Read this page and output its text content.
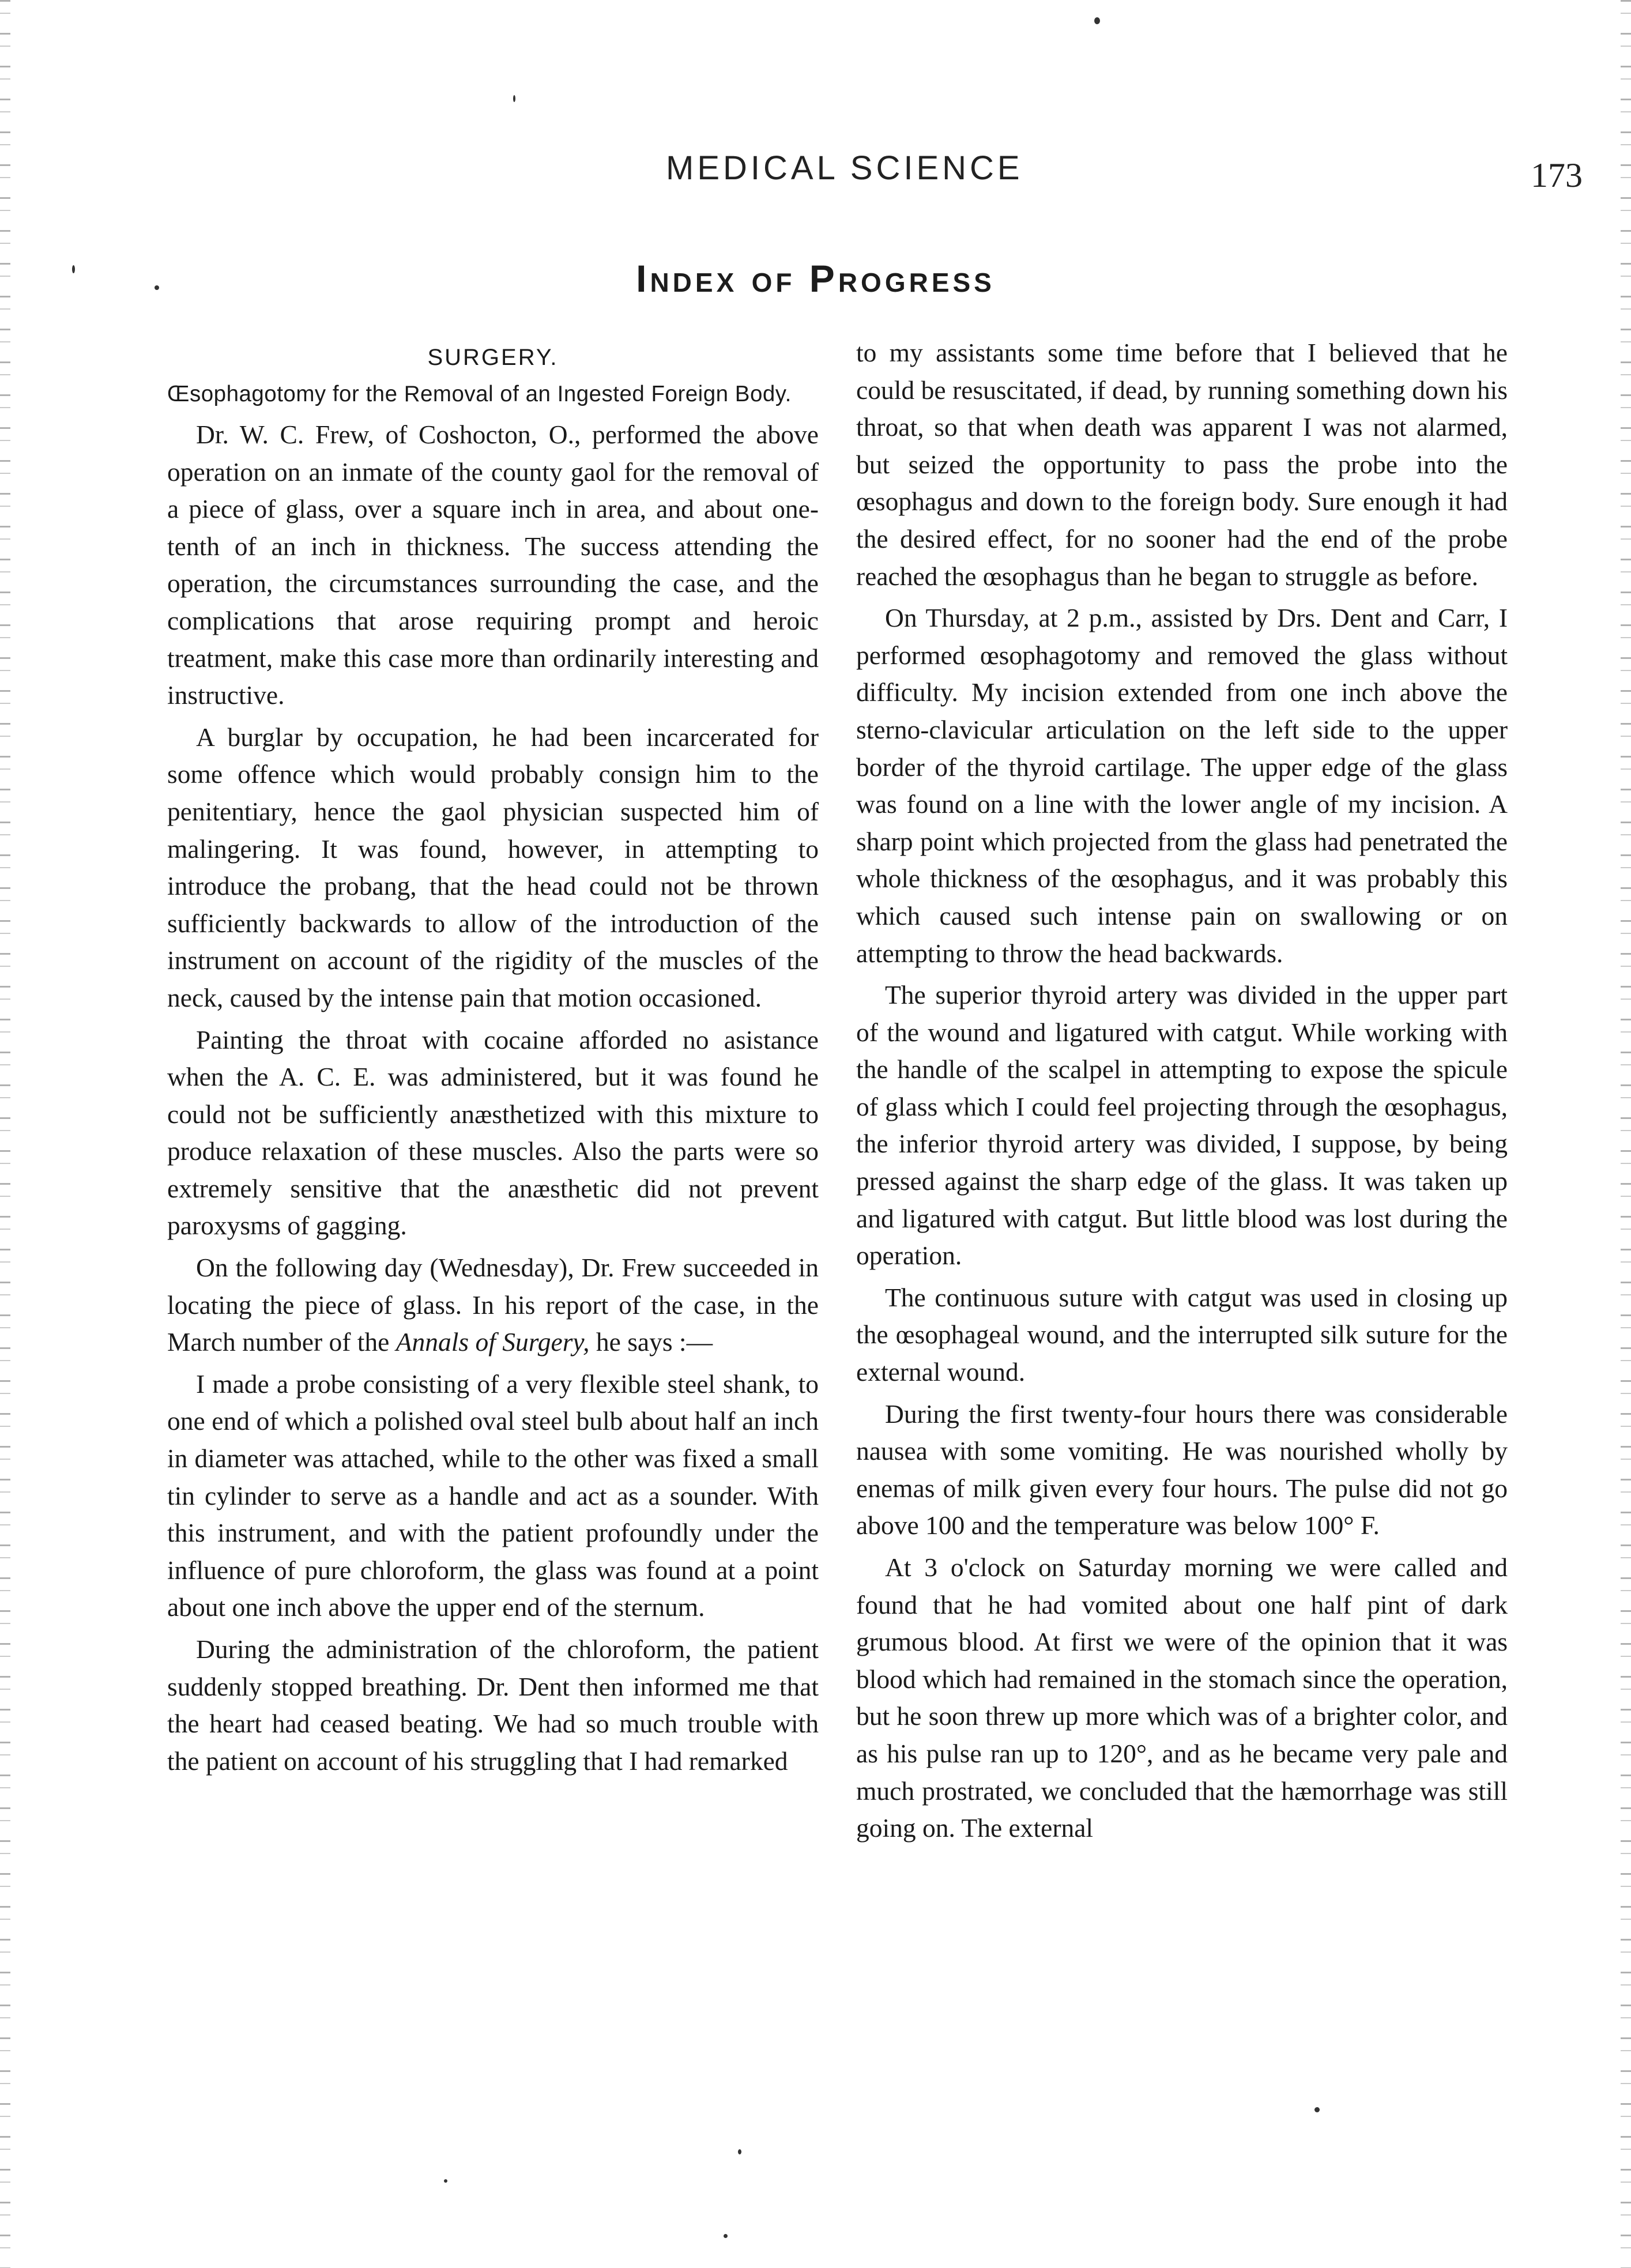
MEDICAL SCIENCE	173
Index of Progress
SURGERY.
Œsophagotomy for the Removal of an Ingested Foreign Body.

Dr. W. C. Frew, of Coshocton, O., performed the above operation on an inmate of the county gaol for the removal of a piece of glass, over a square inch in area, and about one-tenth of an inch in thickness. The success attending the operation, the circumstances surrounding the case, and the complications that arose requiring prompt and heroic treatment, make this case more than ordinarily interesting and instructive.

A burglar by occupation, he had been incarcerated for some offence which would probably consign him to the penitentiary, hence the gaol physician suspected him of malingering. It was found, however, in attempting to introduce the probang, that the head could not be thrown sufficiently backwards to allow of the introduction of the instrument on account of the rigidity of the muscles of the neck, caused by the intense pain that motion occasioned.

Painting the throat with cocaine afforded no asistance when the A. C. E. was administered, but it was found he could not be sufficiently anæsthetized with this mixture to produce relaxation of these muscles. Also the parts were so extremely sensitive that the anæsthetic did not prevent paroxysms of gagging.

On the following day (Wednesday), Dr. Frew succeeded in locating the piece of glass. In his report of the case, in the March number of the Annals of Surgery, he says :—

I made a probe consisting of a very flexible steel shank, to one end of which a polished oval steel bulb about half an inch in diameter was attached, while to the other was fixed a small tin cylinder to serve as a handle and act as a sounder. With this instrument, and with the patient profoundly under the influence of pure chloroform, the glass was found at a point about one inch above the upper end of the sternum.

During the administration of the chloroform, the patient suddenly stopped breathing. Dr. Dent then informed me that the heart had ceased beating. We had so much trouble with the patient on account of his struggling that I had remarked

to my assistants some time before that I believed that he could be resuscitated, if dead, by running something down his throat, so that when death was apparent I was not alarmed, but seized the opportunity to pass the probe into the œsophagus and down to the foreign body. Sure enough it had the desired effect, for no sooner had the end of the probe reached the œsophagus than he began to struggle as before.

On Thursday, at 2 p.m., assisted by Drs. Dent and Carr, I performed œsophagotomy and removed the glass without difficulty. My incision extended from one inch above the sterno-clavicular articulation on the left side to the upper border of the thyroid cartilage. The upper edge of the glass was found on a line with the lower angle of my incision. A sharp point which projected from the glass had penetrated the whole thickness of the œsophagus, and it was probably this which caused such intense pain on swallowing or on attempting to throw the head backwards.

The superior thyroid artery was divided in the upper part of the wound and ligatured with catgut. While working with the handle of the scalpel in attempting to expose the spicule of glass which I could feel projecting through the œsophagus, the inferior thyroid artery was divided, I suppose, by being pressed against the sharp edge of the glass. It was taken up and ligatured with catgut. But little blood was lost during the operation.

The continuous suture with catgut was used in closing up the œsophageal wound, and the interrupted silk suture for the external wound.

During the first twenty-four hours there was considerable nausea with some vomiting. He was nourished wholly by enemas of milk given every four hours. The pulse did not go above 100 and the temperature was below 100° F.

At 3 o'clock on Saturday morning we were called and found that he had vomited about one half pint of dark grumous blood. At first we were of the opinion that it was blood which had remained in the stomach since the operation, but he soon threw up more which was of a brighter color, and as his pulse ran up to 120°, and as he became very pale and much prostrated, we concluded that the hæmorrhage was still going on. The external
